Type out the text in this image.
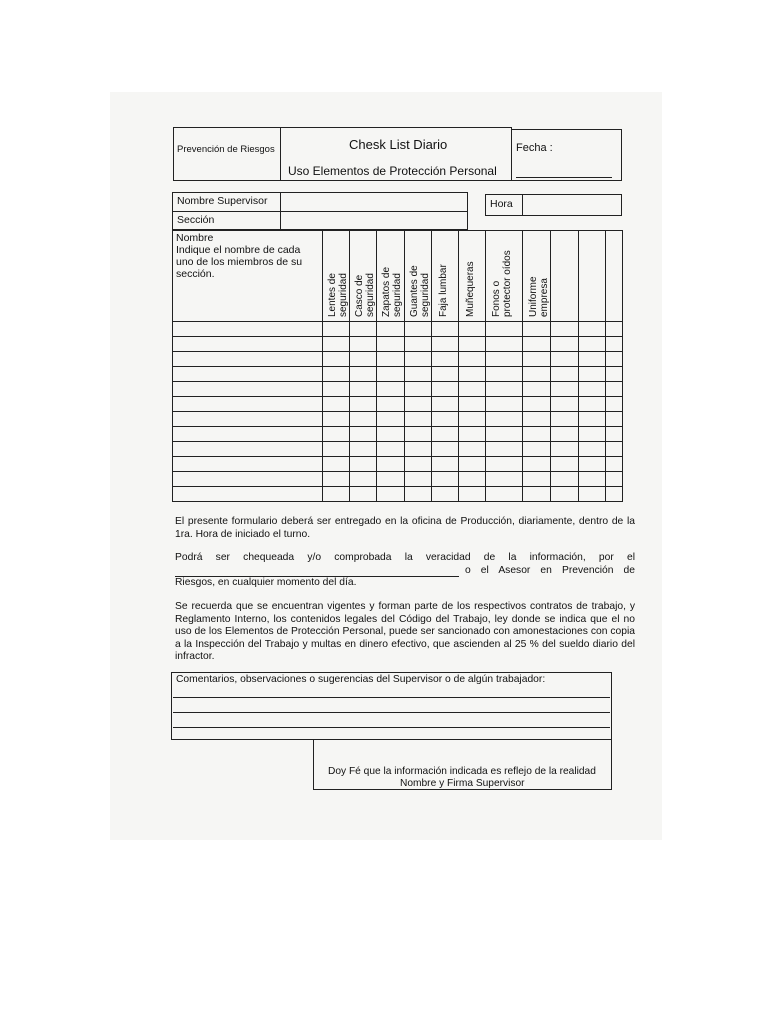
Prevención de Riesgos	Chesk List Diario
Uso Elementos de Protección Personal
Fecha :
Nombre Supervisor
Sección
Hora
Nombre
Indique el nombre de cada
uno de los miembros de su
sección.	Lentes de seguridad Casco de seguridad Zapatos de seguridad Guantes de seguridad Faja lumbar Muñequeras Fonos o protector oídos Uniforme empresa
El presente formulario deberá ser entregado en la oficina de Producción, diariamente, dentro de la 1ra. Hora de iniciado el turno.
Podrá ser chequeada y/o comprobada la veracidad de la información, por el
o el Asesor en Prevención de
Riesgos, en cualquier momento del día.
Se recuerda que se encuentran vigentes y forman parte de los respectivos contratos de trabajo, y Reglamento Interno, los contenidos legales del Código del Trabajo, ley donde se indica que el no uso de los Elementos de Protección Personal, puede ser sancionado con amonestaciones con copia a la Inspección del Trabajo y multas en dinero efectivo, que ascienden al 25 % del sueldo diario del infractor.
Comentarios, observaciones o sugerencias del Supervisor o de algún trabajador:
Doy Fé que la información indicada es reflejo de la realidad
Nombre y Firma Supervisor
